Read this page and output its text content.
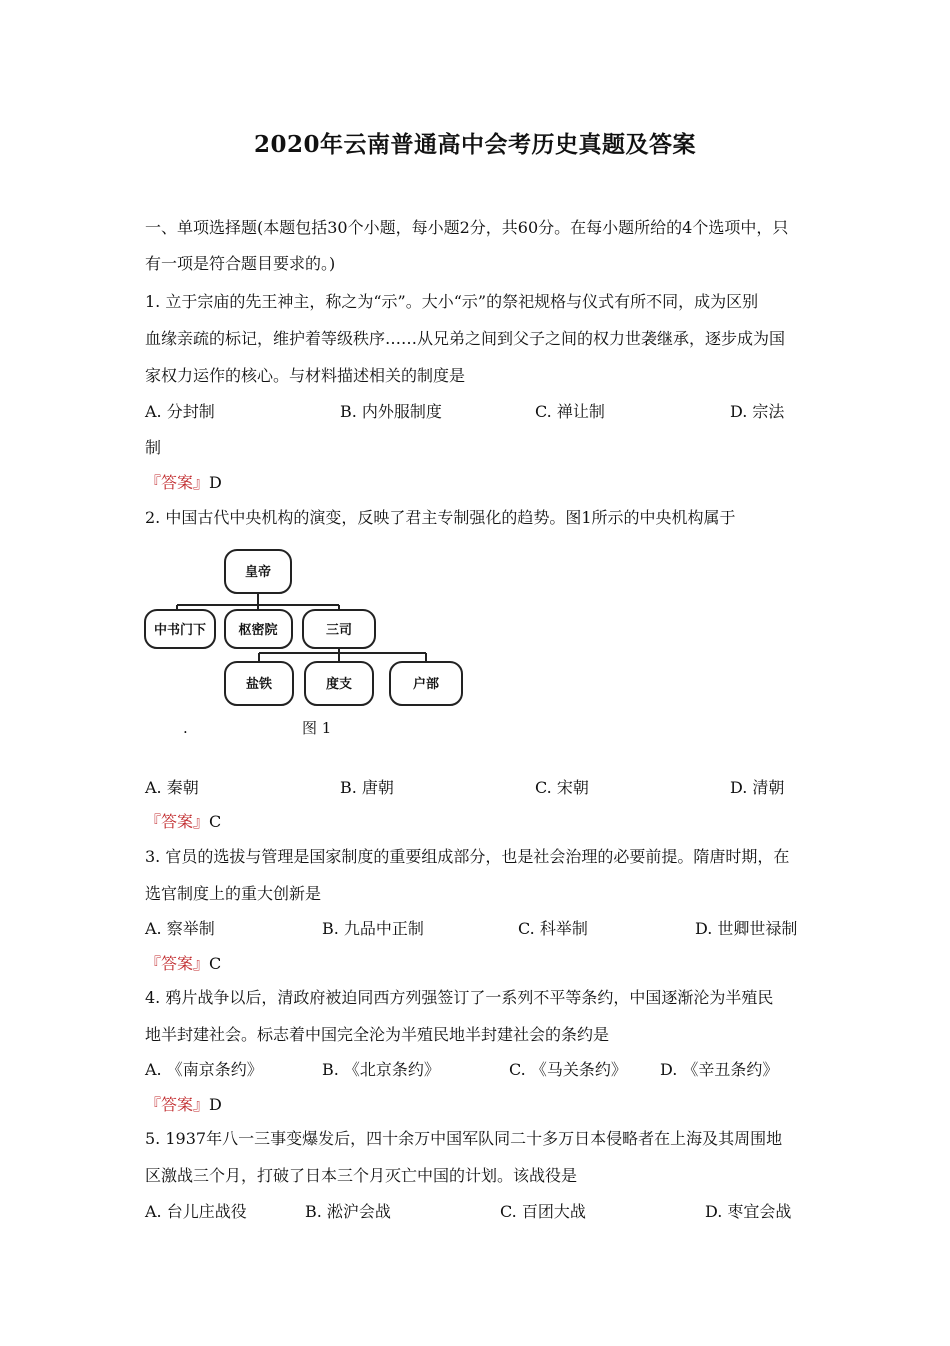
2020年云南普通高中会考历史真题及答案
一、单项选择题(本题包括30个小题，每小题2分，共60分。在每小题所给的4个选项中，只
有一项是符合题目要求的。)
1. 立于宗庙的先王神主，称之为“示”。大小“示”的祭祀规格与仪式有所不同，成为区别
血缘亲疏的标记，维护着等级秩序……从兄弟之间到父子之间的权力世袭继承，逐步成为国
家权力运作的核心。与材料描述相关的制度是
A. 分封制	B. 内外服制度	C. 禅让制	D. 宗法
制
『答案』D
2. 中国古代中央机构的演变，反映了君主专制强化的趋势。图1所示的中央机构属于
皇帝
中书门下 枢密院	三司
盐铁	度支	户部
图 1
.
A. 秦朝	B. 唐朝	C. 宋朝	D. 清朝
『答案』C
3. 官员的选拔与管理是国家制度的重要组成部分，也是社会治理的必要前提。隋唐时期，在
选官制度上的重大创新是
A. 察举制	B. 九品中正制	C. 科举制	D. 世卿世禄制
『答案』C
4. 鸦片战争以后，清政府被迫同西方列强签订了一系列不平等条约，中国逐渐沦为半殖民
地半封建社会。标志着中国完全沦为半殖民地半封建社会的条约是
A. 《南京条约》	B. 《北京条约》	C. 《马关条约》 D. 《辛丑条约》
『答案』D
5. 1937年八一三事变爆发后，四十余万中国军队同二十多万日本侵略者在上海及其周围地
区激战三个月，打破了日本三个月灭亡中国的计划。该战役是
A. 台儿庄战役	B. 淞沪会战	C. 百团大战	D. 枣宜会战
